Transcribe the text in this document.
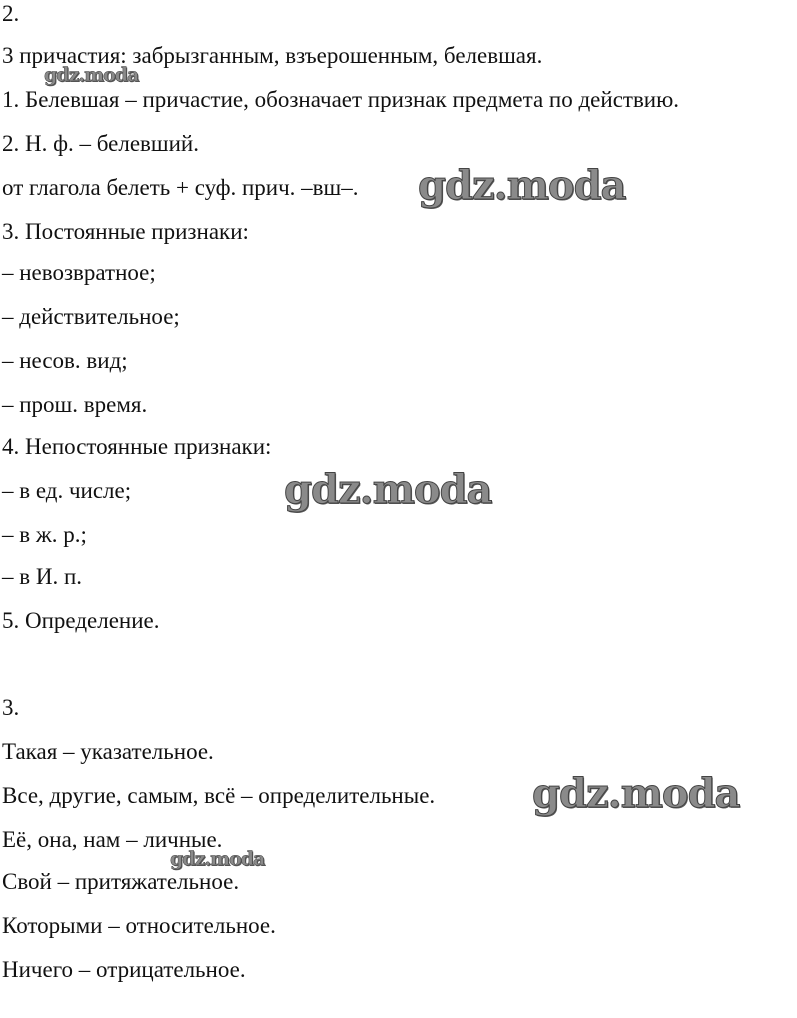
2.
3 причастия: забрызганным, взъерошенным, белевшая.
1. Белевшая – причастие, обозначает признак предмета по действию.
2. Н. ф. – белевший.
от глагола белеть + суф. прич. –вш–.
3. Постоянные признаки:
– невозвратное;
– действительное;
– несов. вид;
– прош. время.
4. Непостоянные признаки:
– в ед. числе;
– в ж. р.;
– в И. п.
5. Определение.
3.
Такая – указательное.
Все, другие, самым, всё – определительные.
Её, она, нам – личные.
Свой – притяжательное.
Которыми – относительное.
Ничего – отрицательное.
gdz.moda
gdz.moda
gdz.moda
gdz.moda
gdz.moda
